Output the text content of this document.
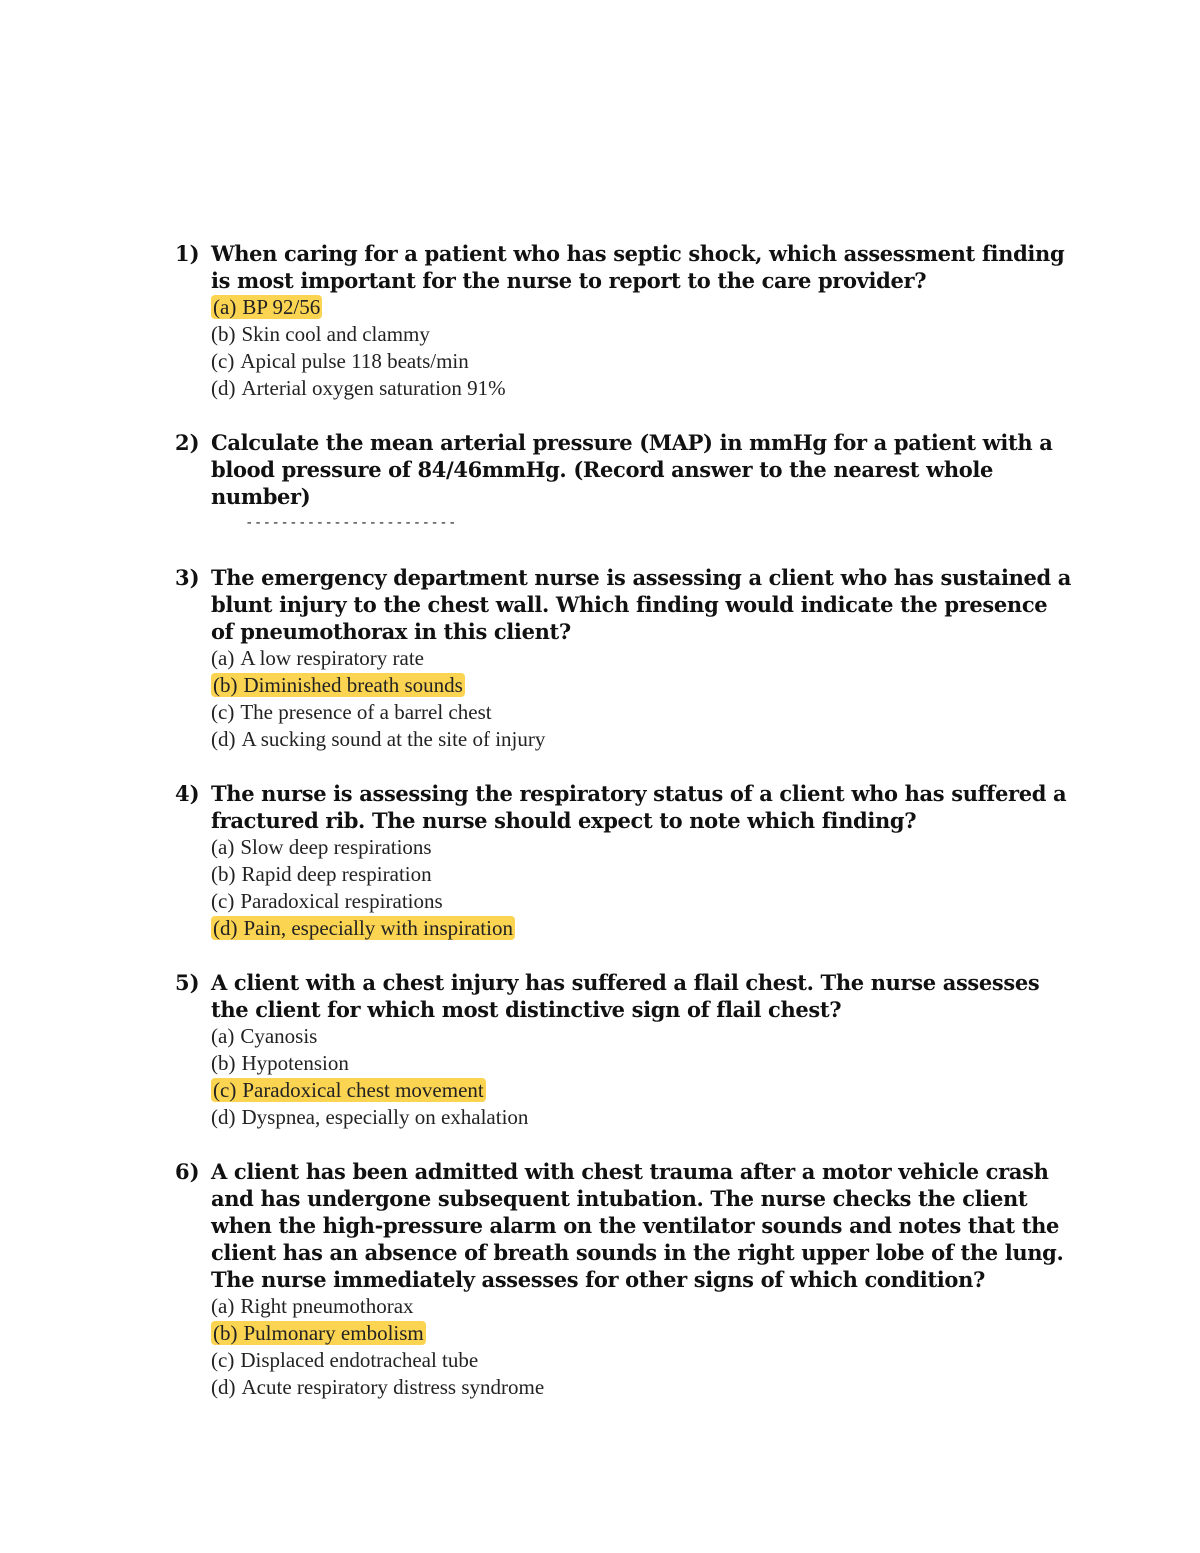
1) When caring for a patient who has septic shock, which assessment finding is most important for the nurse to report to the care provider?

(a) BP 92/56
(b) Skin cool and clammy
(c) Apical pulse 118 beats/min
(d) Arterial oxygen saturation 91%
2) Calculate the mean arterial pressure (MAP) in mmHg for a patient with a blood pressure of 84/46mmHg. (Record answer to the nearest whole number)

------------------------
3) The emergency department nurse is assessing a client who has sustained a blunt injury to the chest wall. Which finding would indicate the presence of pneumothorax in this client?

(a) A low respiratory rate
(b) Diminished breath sounds
(c) The presence of a barrel chest
(d) A sucking sound at the site of injury
4) The nurse is assessing the respiratory status of a client who has suffered a fractured rib. The nurse should expect to note which finding?

(a) Slow deep respirations
(b) Rapid deep respiration
(c) Paradoxical respirations
(d) Pain, especially with inspiration
5) A client with a chest injury has suffered a flail chest. The nurse assesses the client for which most distinctive sign of flail chest?

(a) Cyanosis
(b) Hypotension
(c) Paradoxical chest movement
(d) Dyspnea, especially on exhalation
6) A client has been admitted with chest trauma after a motor vehicle crash and has undergone subsequent intubation. The nurse checks the client when the high-pressure alarm on the ventilator sounds and notes that the client has an absence of breath sounds in the right upper lobe of the lung. The nurse immediately assesses for other signs of which condition?

(a) Right pneumothorax
(b) Pulmonary embolism
(c) Displaced endotracheal tube
(d) Acute respiratory distress syndrome
